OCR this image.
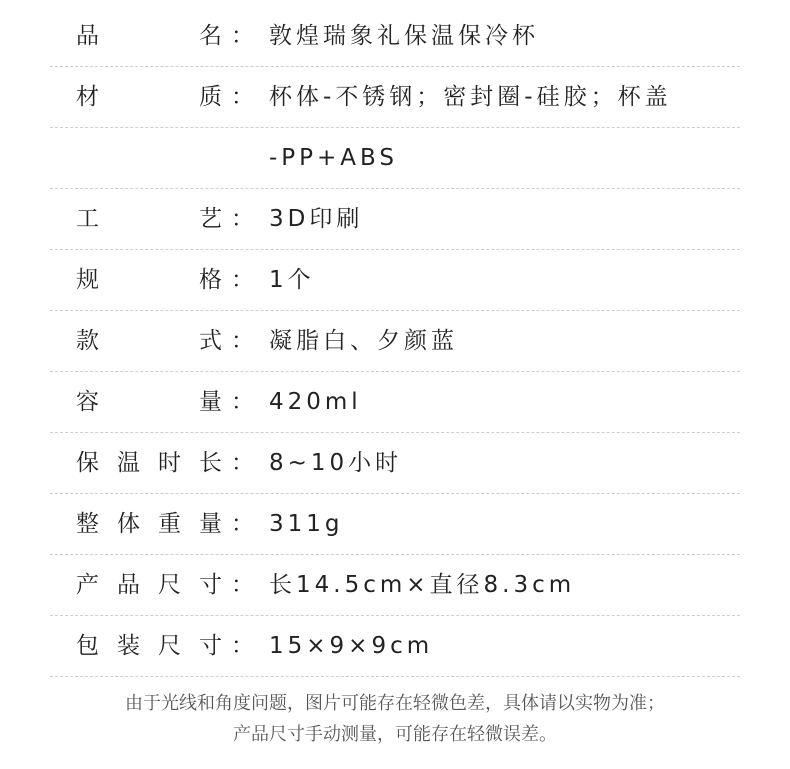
品	名 ： 敦煌瑞象礼保温保冷杯
材	质 ： 杯体-不锈钢；密封圈-硅胶；杯盖
-PP+ABS
工	艺 ： 3D印刷
规	格 ： 1个
款	式 ： 凝脂白、夕颜蓝
容	量 ： 420ml
保 温 时 长 ： 8~10小时
整 体 重 量 ： 311g
产 品 尺 寸 ： 长14.5cm×直径8.3cm
包 装 尺 寸 ： 15×9×9cm
由于光线和角度问题，图片可能存在轻微色差，具体请以实物为准；
产品尺寸手动测量，可能存在轻微误差。
